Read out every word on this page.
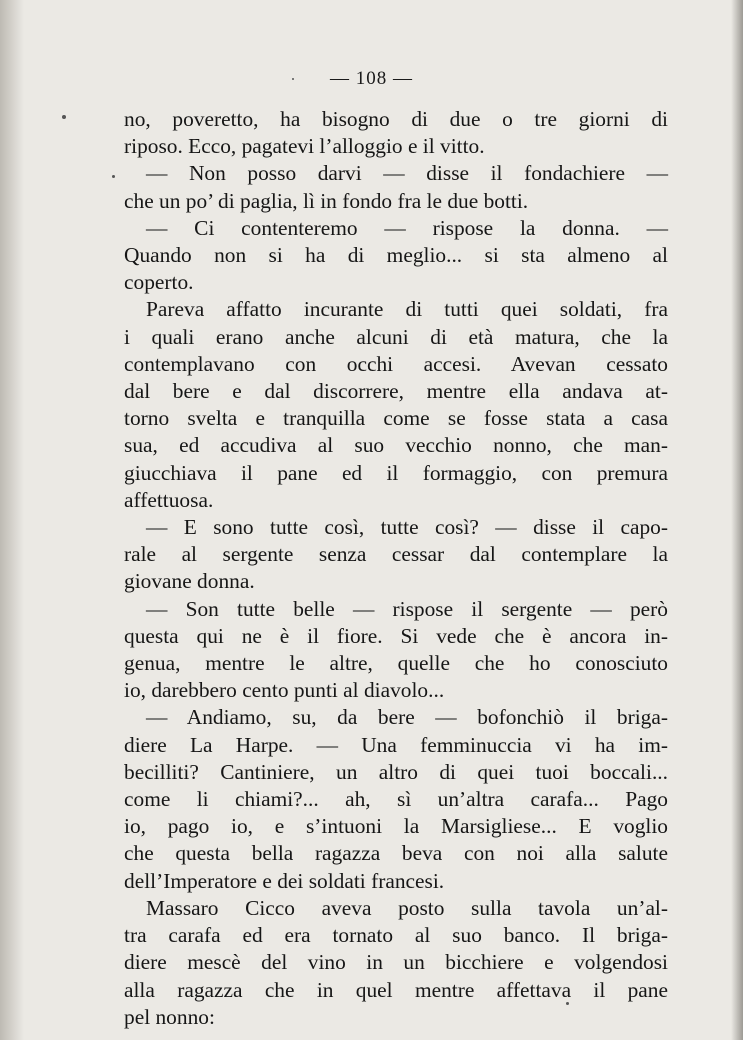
— 108 —
no, poveretto, ha bisogno di due o tre giorni di
riposo. Ecco, pagatevi l’alloggio e il vitto.
— Non posso darvi — disse il fondachiere —
che un po’ di paglia, lì in fondo fra le due botti.
— Ci contenteremo — rispose la donna. —
Quando non si ha di meglio... si sta almeno al
coperto.
Pareva affatto incurante di tutti quei soldati, fra
i quali erano anche alcuni di età matura, che la
contemplavano con occhi accesi. Avevan cessato
dal bere e dal discorrere, mentre ella andava at-
torno svelta e tranquilla come se fosse stata a casa
sua, ed accudiva al suo vecchio nonno, che man-
giucchiava il pane ed il formaggio, con premura
affettuosa.
— E sono tutte così, tutte così? — disse il capo-
rale al sergente senza cessar dal contemplare la
giovane donna.
— Son tutte belle — rispose il sergente — però
questa qui ne è il fiore. Si vede che è ancora in-
genua, mentre le altre, quelle che ho conosciuto
io, darebbero cento punti al diavolo...
— Andiamo, su, da bere — bofonchiò il briga-
diere La Harpe. — Una femminuccia vi ha im-
becilliti? Cantiniere, un altro di quei tuoi boccali...
come li chiami?... ah, sì un’altra carafa... Pago
io, pago io, e s’intuoni la Marsigliese... E voglio
che questa bella ragazza beva con noi alla salute
dell’Imperatore e dei soldati francesi.
Massaro Cicco aveva posto sulla tavola un’al-
tra carafa ed era tornato al suo banco. Il briga-
diere mescè del vino in un bicchiere e volgendosi
alla ragazza che in quel mentre affettava il pane
pel nonno:
